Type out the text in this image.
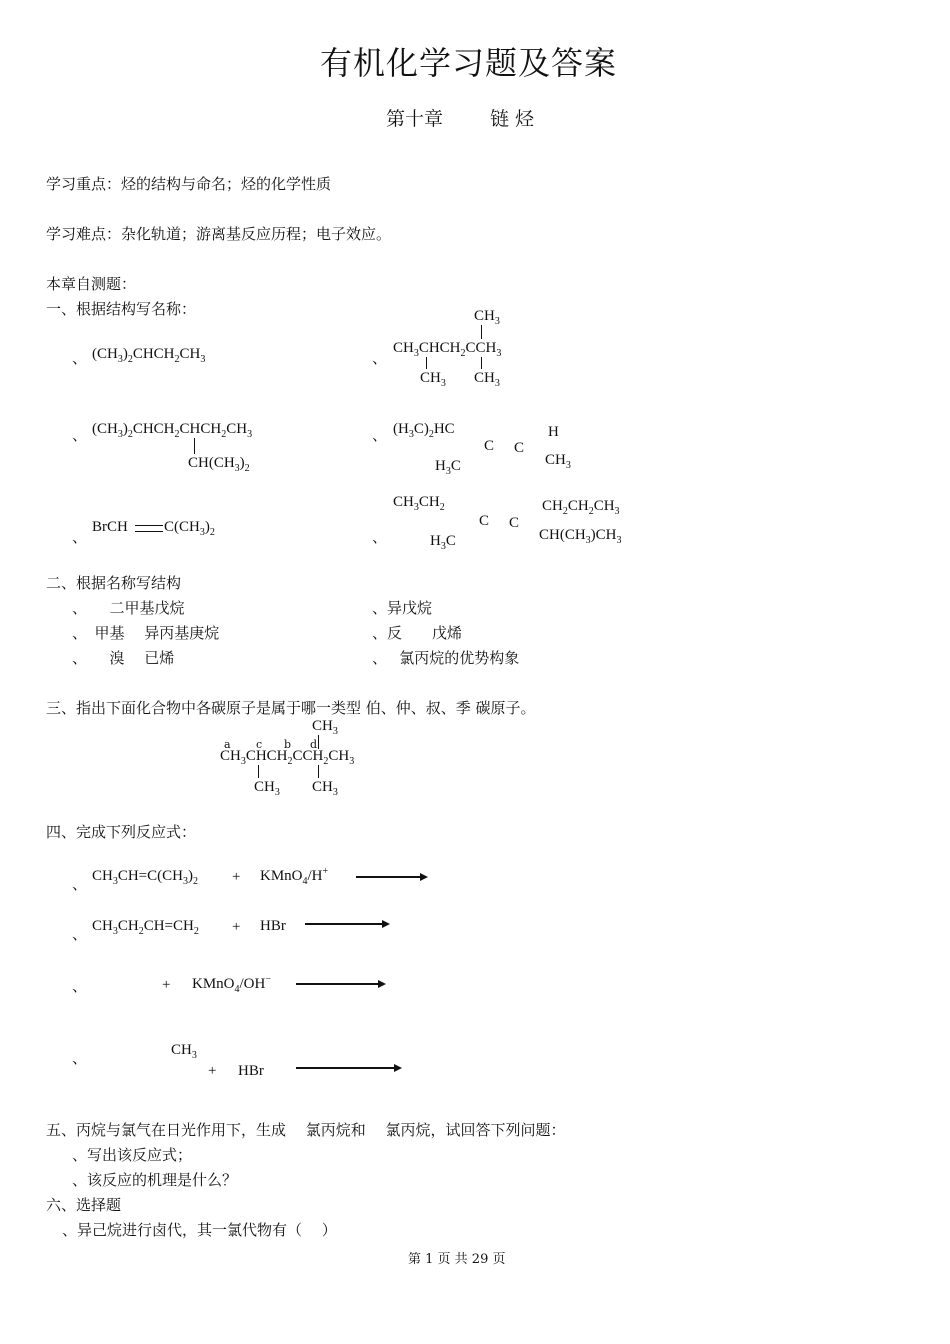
有机化学习题及答案
第十章 链 烃
学习重点：烃的结构与命名；烃的化学性质
学习难点：杂化轨道；游离基反应历程；电子效应。
本章自测题：
一、根据结构写名称：
、 $(CH_3)_2CHCH_2CH_3$	、
$CH_3$
$CH_3CHCH_2CCH_3$
$CH_3$ $CH_3$
、 $(CH_3)_2CHCH_2CHCH_2CH_3$
$CH(CH_3)_2$
、 $(H_3C)_2HC$
C C
H
$H_3C$	$CH_3$
、
BrCH $C(CH_3)_2$	、
$CH_3CH_2$
C C
$CH_2CH_2CH_3$
$H_3C$	$CH(CH_3)CH_3$
二、根据名称写结构
、　　二甲基戊烷	、异戊烷
、　甲基　 异丙基庚烷	、反　　戊烯
、　　溴　 已烯	、　 氯丙烷的优势构象
三、指出下面化合物中各碳原子是属于哪一类型 伯、仲、叔、季 碳原子。
$CH_3$
a c b d
$CH_3CHCH_2CCH_2CH_3$
$CH_3$ $CH_3$
四、完成下列反应式：
、 $CH_3CH=C(CH_3)_2$ + KMnO$_4$/H+
、 $CH_3CH_2CH=CH_2$ + HBr
、	+ KMnO$_4$/OH−
、	$CH_3$
+ HBr
五、丙烷与氯气在日光作用下，生成　 氯丙烷和　 氯丙烷，试回答下列问题：
、写出该反应式；
、该反应的机理是什么？
六、选择题
、异己烷进行卤代，其一氯代物有（　 ）
第 1 页 共 29 页
